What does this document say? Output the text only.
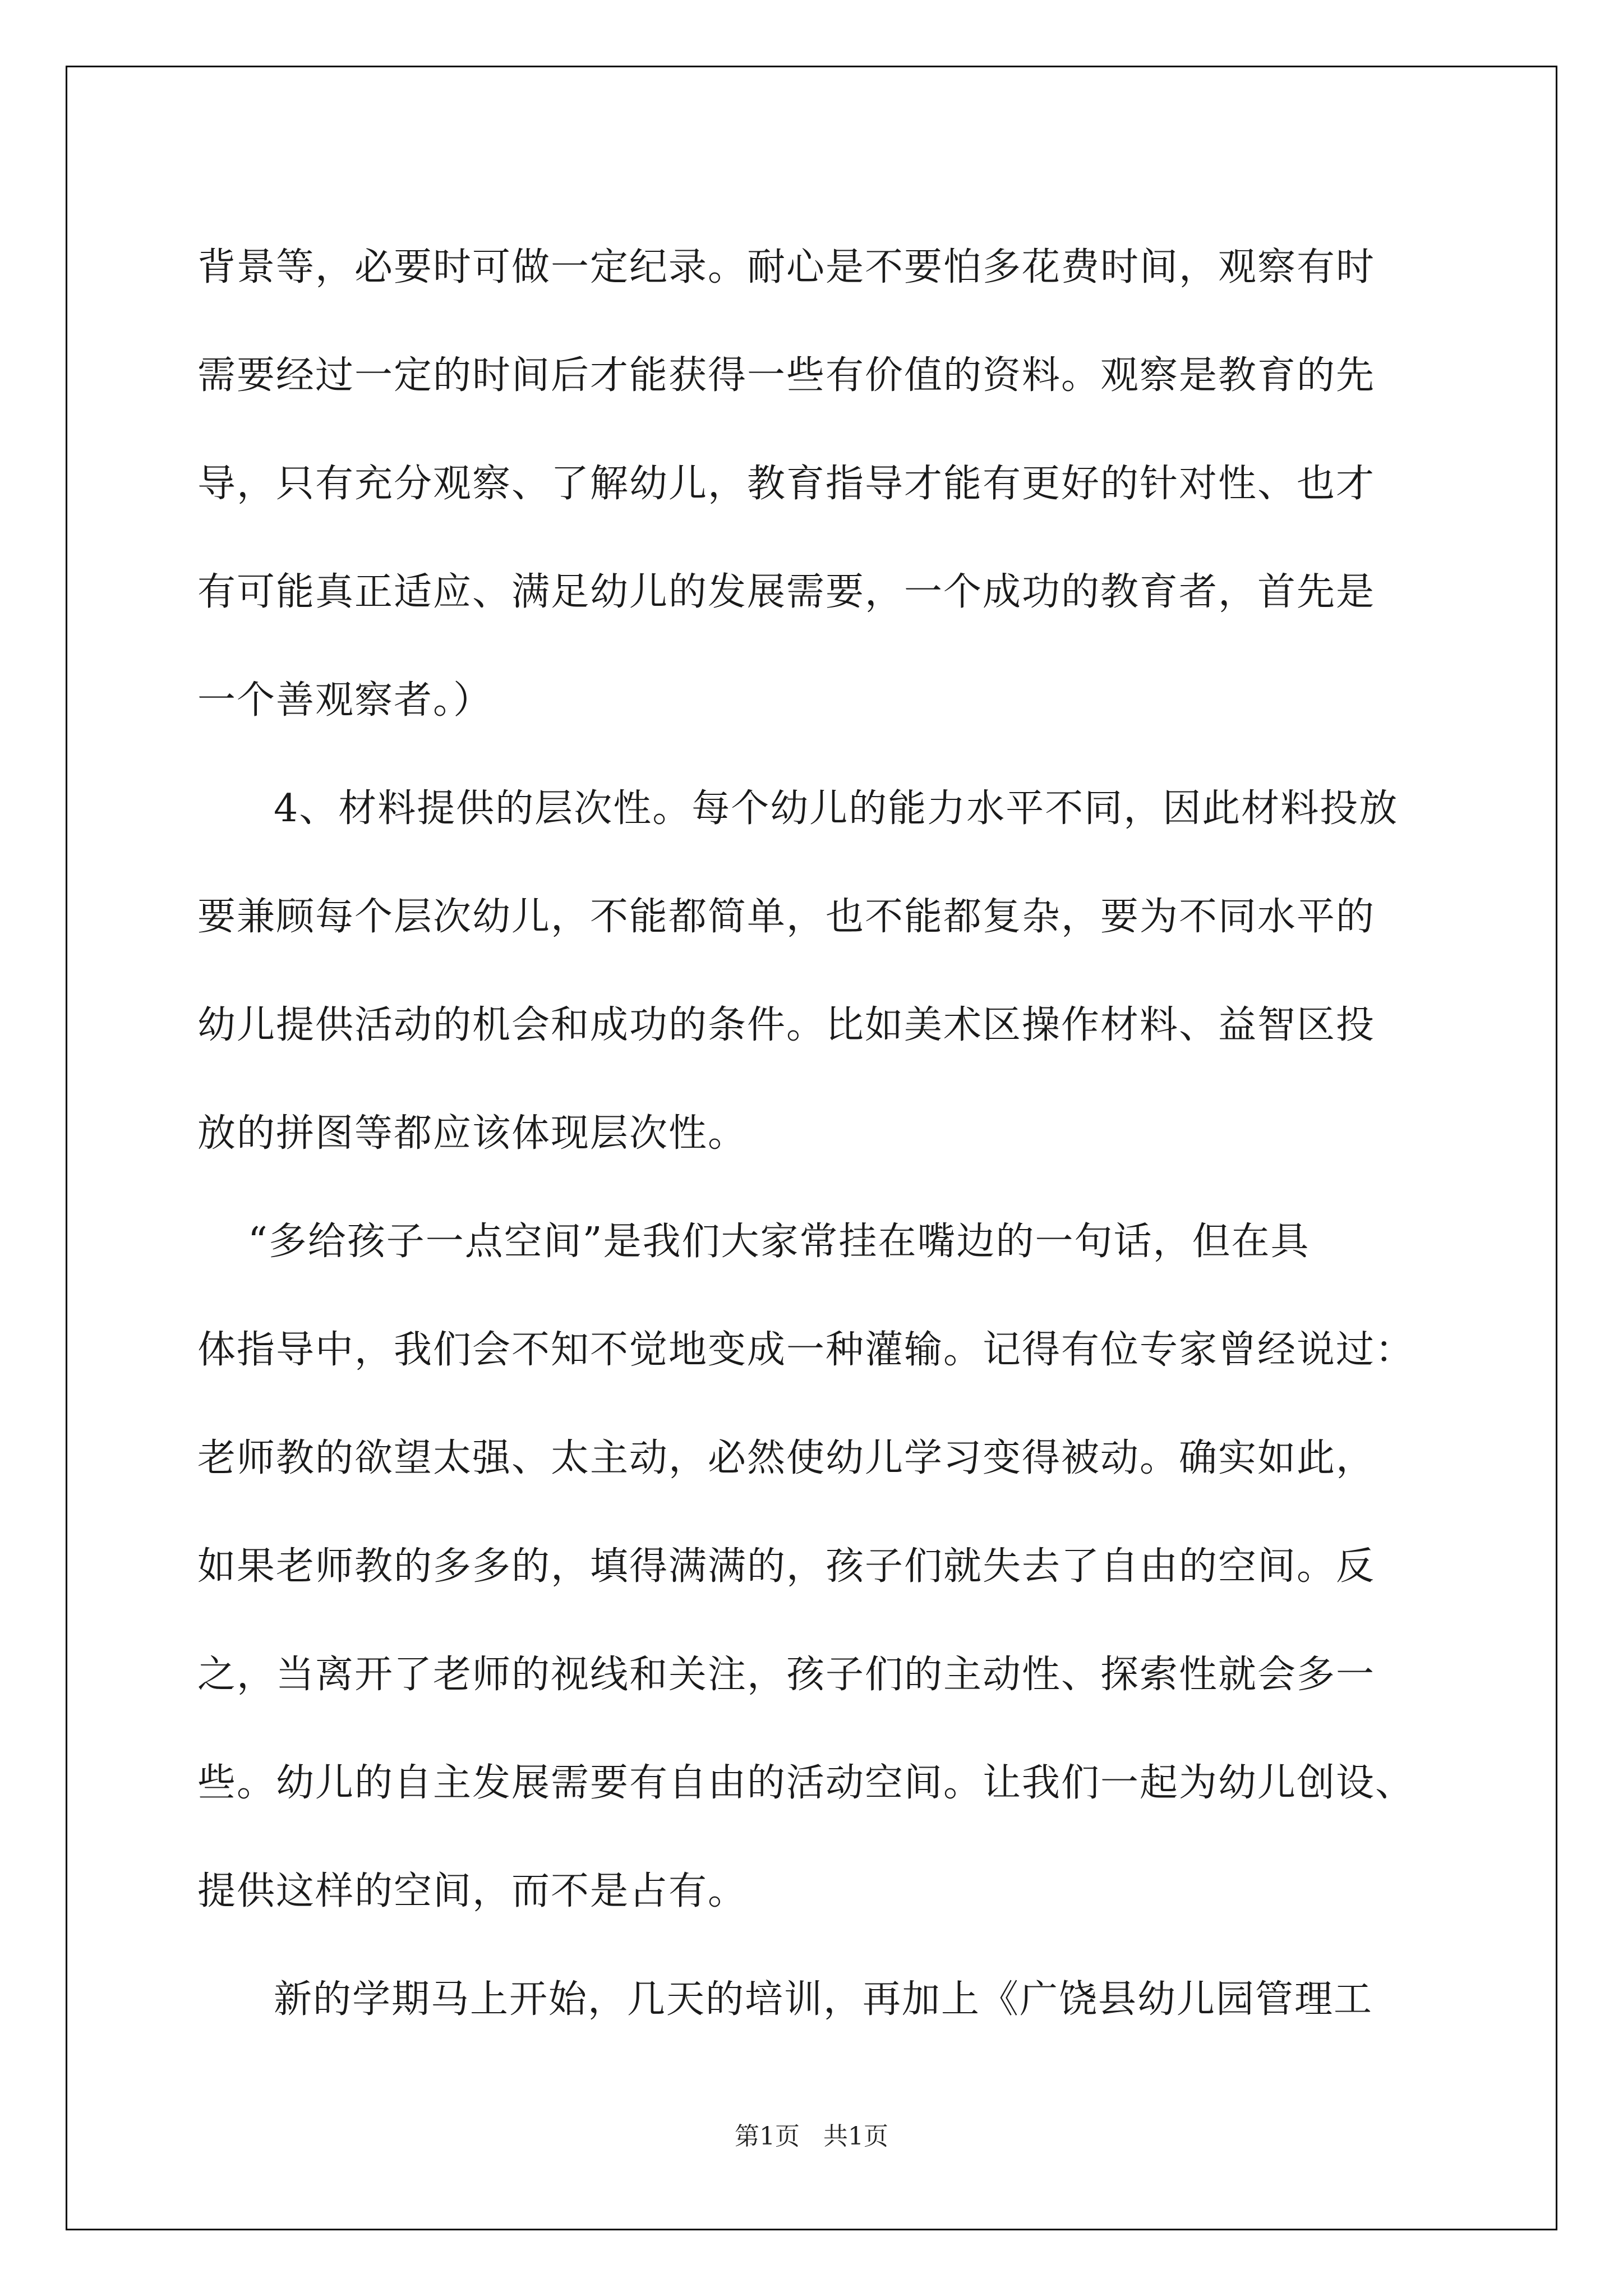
背景等，必要时可做一定纪录。耐心是不要怕多花费时间，观察有时
需要经过一定的时间后才能获得一些有价值的资料。观察是教育的先
导，只有充分观察、了解幼儿，教育指导才能有更好的针对性、也才
有可能真正适应、满足幼儿的发展需要，一个成功的教育者，首先是
一个善观察者。）
4、材料提供的层次性。每个幼儿的能力水平不同，因此材料投放
要兼顾每个层次幼儿，不能都简单，也不能都复杂，要为不同水平的
幼儿提供活动的机会和成功的条件。比如美术区操作材料、益智区投
放的拼图等都应该体现层次性。
“多给孩子一点空间”是我们大家常挂在嘴边的一句话，但在具
体指导中，我们会不知不觉地变成一种灌输。记得有位专家曾经说过：
老师教的欲望太强、太主动，必然使幼儿学习变得被动。确实如此，
如果老师教的多多的，填得满满的，孩子们就失去了自由的空间。反
之，当离开了老师的视线和关注，孩子们的主动性、探索性就会多一
些。幼儿的自主发展需要有自由的活动空间。让我们一起为幼儿创设、
提供这样的空间，而不是占有。
新的学期马上开始，几天的培训，再加上《广饶县幼儿园管理工
第1页 共1页
